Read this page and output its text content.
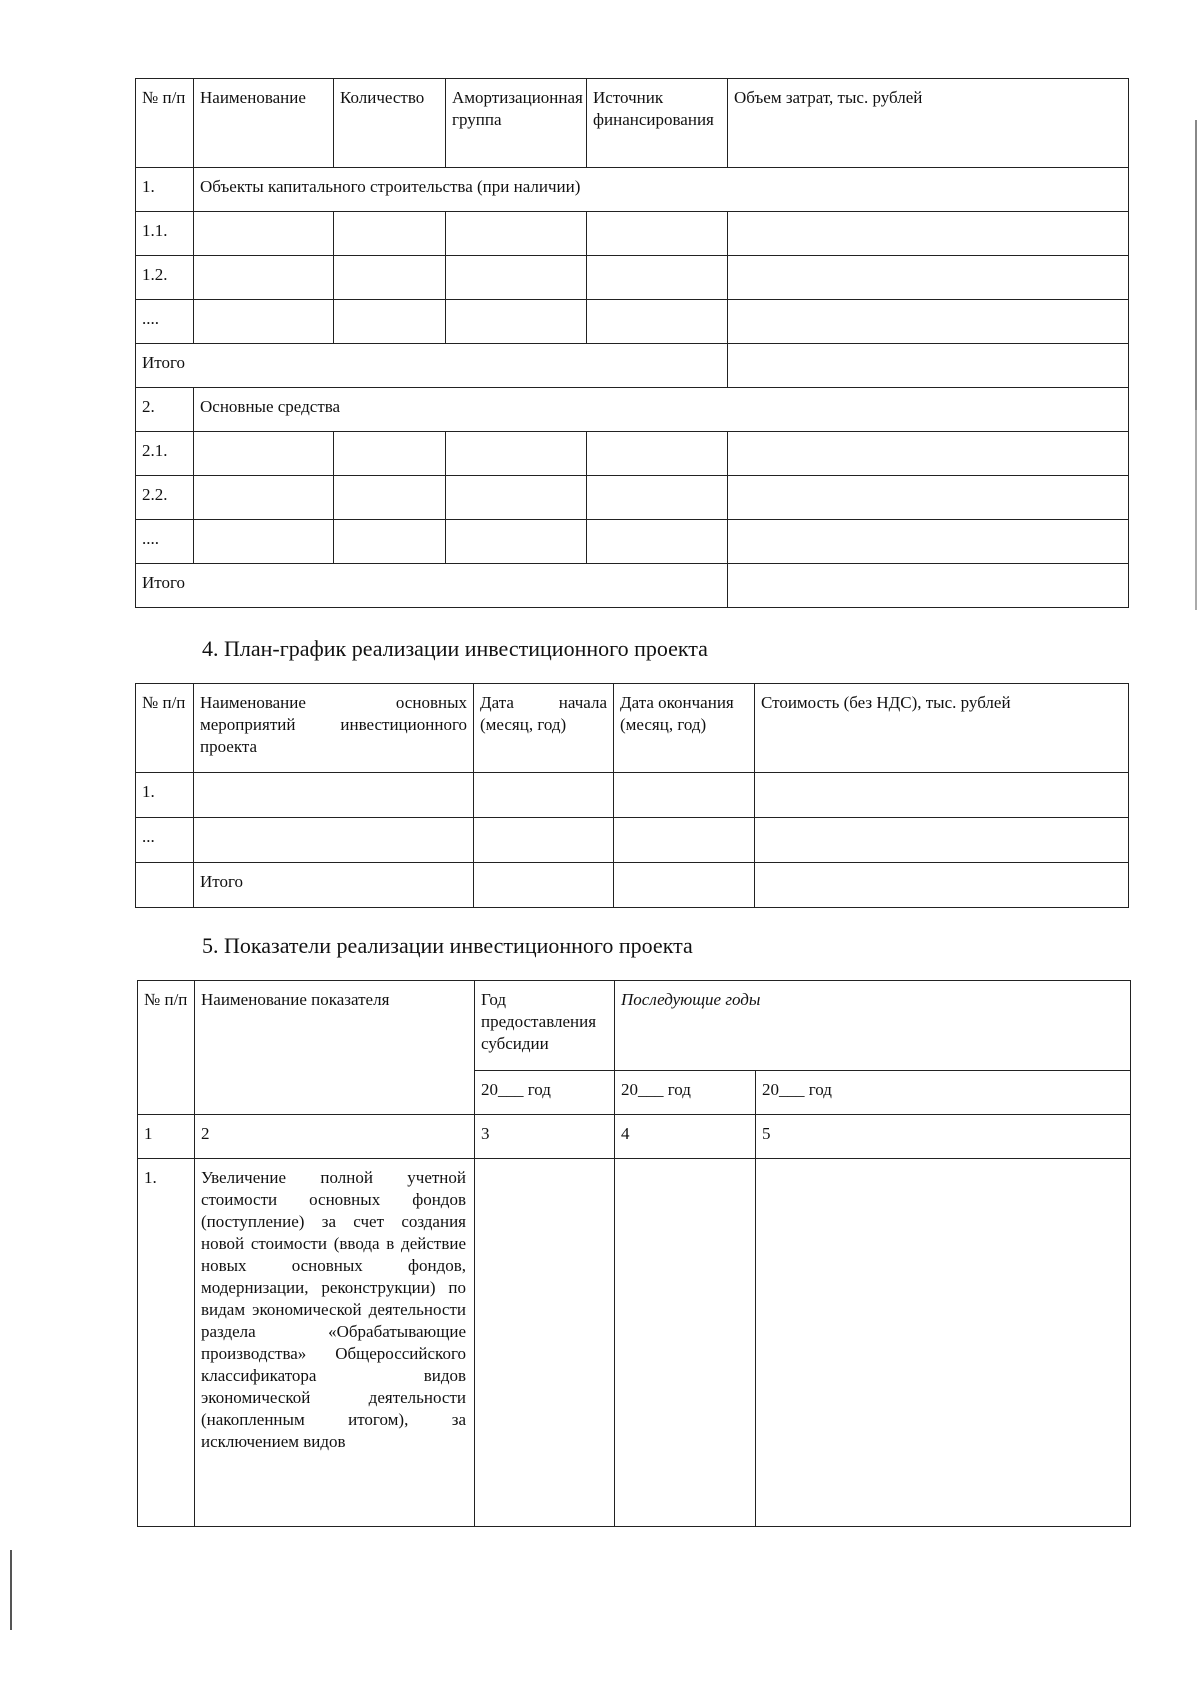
№ п/п	Наименование	Количество	Амортизационная группа	Источник финансирования	Объем затрат, тыс. рублей
1.	Объекты капитального строительства (при наличии)				
1.1.					
1.2.					
....					
Итого					
2.	Основные средства				
2.1.					
2.2.					
....					
Итого					
4. План-график реализации инвестиционного проекта
№ п/п	Наименование основных мероприятий инвестиционного проекта	Дата начала (месяц, год)	Дата окончания (месяц, год)	Стоимость (без НДС), тыс. рублей
1.				
...				
	Итого			
5. Показатели реализации инвестиционного проекта
№ п/п	Наименование показателя	Год предоставления субсидии	Последующие годы	
		20___ год	20___ год	20___ год
1	2	3	4	5
1.	Увеличение полной учетной стоимости основных фондов (поступление) за счет создания новой стоимости (ввода в действие новых основных фондов, модернизации, реконструкции) по видам экономической деятельности раздела «Обрабатывающие производства» Общероссийского классификатора видов экономической деятельности (накопленным итогом), за исключением видов			
